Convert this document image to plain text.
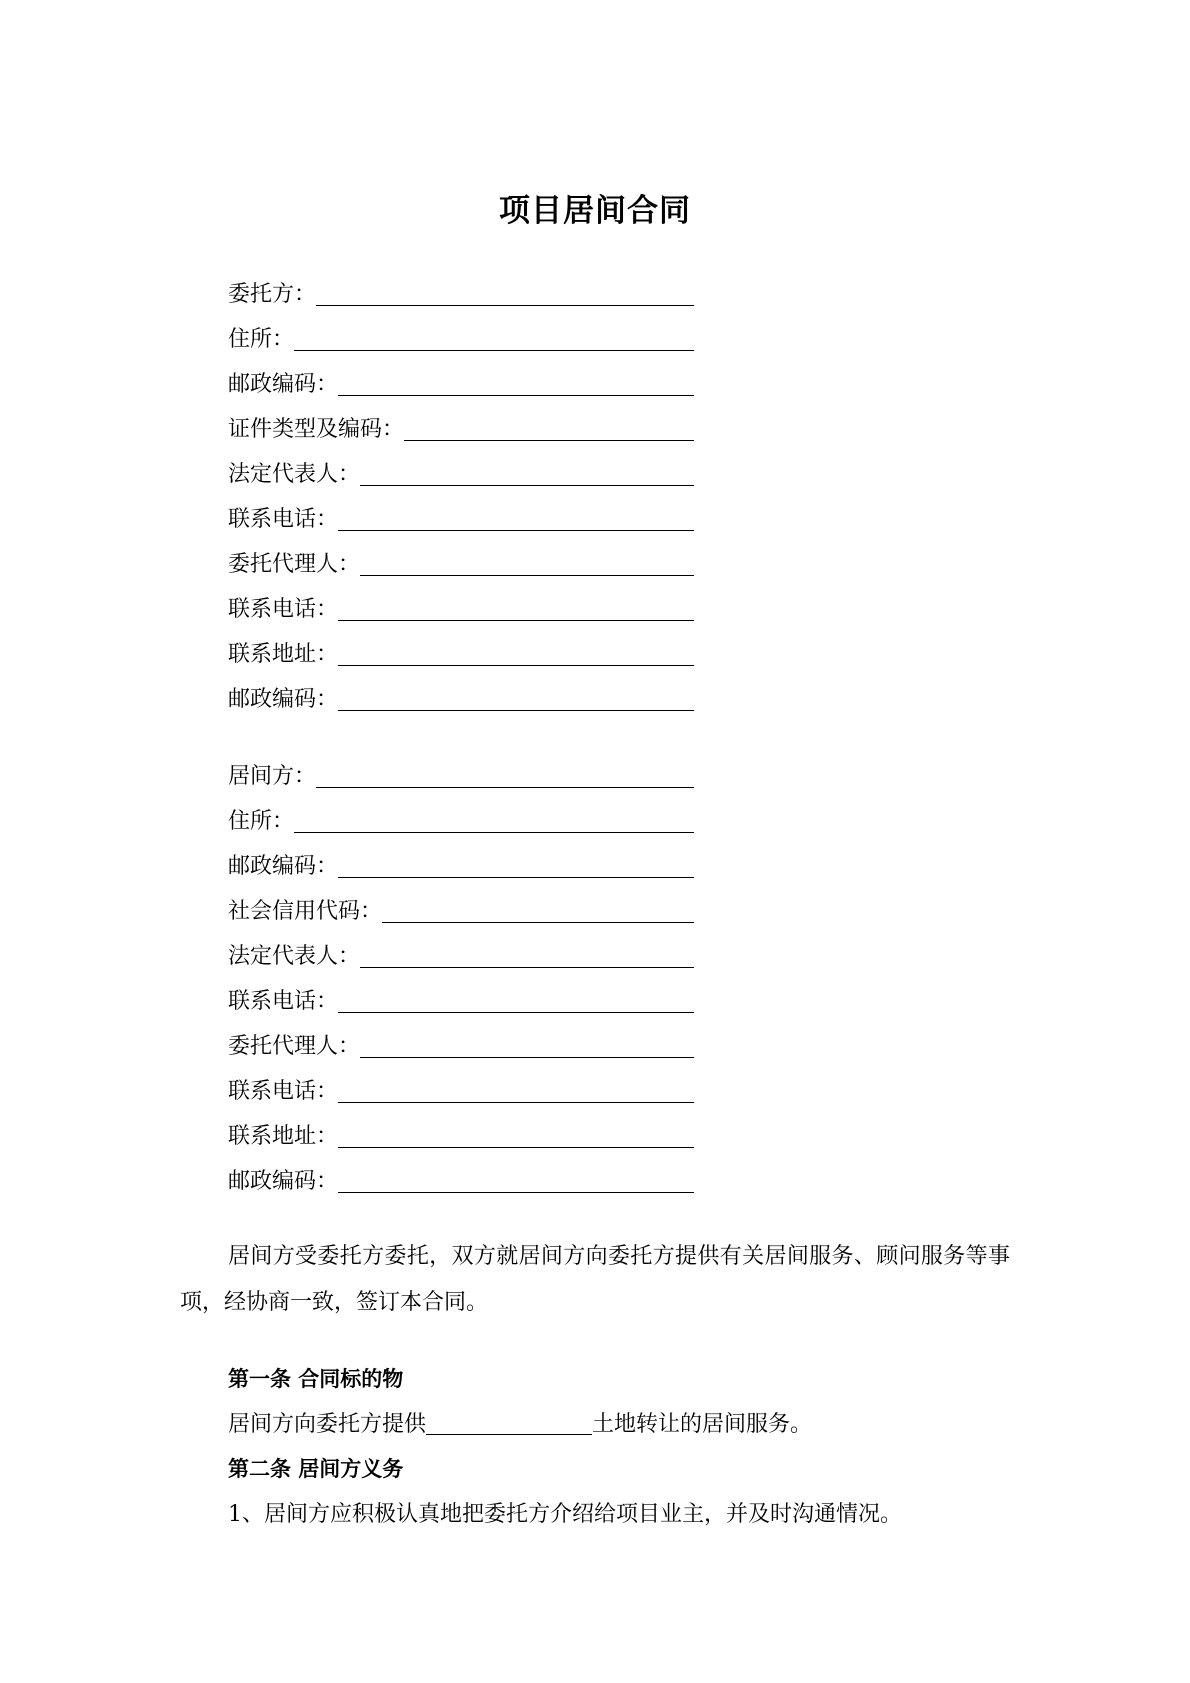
项目居间合同
委托方：
住所：
邮政编码：
证件类型及编码：
法定代表人：
联系电话：
委托代理人：
联系电话：
联系地址：
邮政编码：
居间方：
住所：
邮政编码：
社会信用代码：
法定代表人：
联系电话：
委托代理人：
联系电话：
联系地址：
邮政编码：
居间方受委托方委托，双方就居间方向委托方提供有关居间服务、顾问服务等事项，经协商一致，签订本合同。
第一条 合同标的物
居间方向委托方提供	土地转让的居间服务。
第二条 居间方义务
1、居间方应积极认真地把委托方介绍给项目业主，并及时沟通情况。
